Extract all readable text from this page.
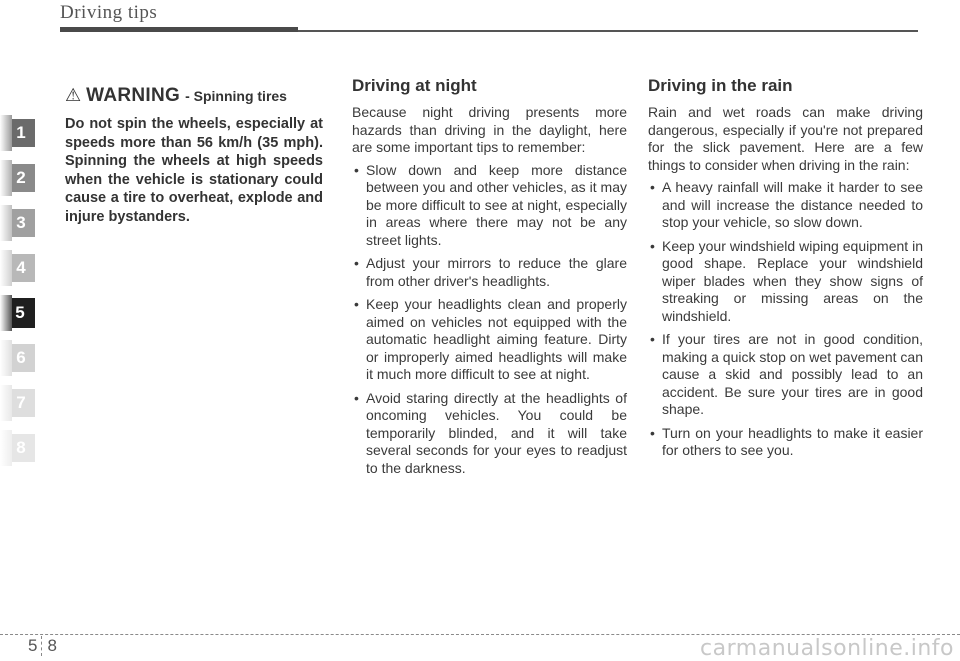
Driving tips
1
2
3
4
5
6
7
8
⚠ WARNING - Spinning tires
Do not spin the wheels, especially at speeds more than 56 km/h (35 mph). Spinning the wheels at high speeds when the vehicle is stationary could cause a tire to overheat, explode and injure bystanders.
Driving at night

Because night driving presents more hazards than driving in the daylight, here are some important tips to remember:

• Slow down and keep more distance between you and other vehicles, as it may be more difficult to see at night, especially in areas where there may not be any street lights.
• Adjust your mirrors to reduce the glare from other driver's headlights.
• Keep your headlights clean and properly aimed on vehicles not equipped with the automatic headlight aiming feature. Dirty or improperly aimed headlights will make it much more difficult to see at night.
• Avoid staring directly at the headlights of oncoming vehicles. You could be temporarily blinded, and it will take several seconds for your eyes to readjust to the darkness.
Driving in the rain

Rain and wet roads can make driving dangerous, especially if you're not prepared for the slick pavement. Here are a few things to consider when driving in the rain:

• A heavy rainfall will make it harder to see and will increase the distance needed to stop your vehicle, so slow down.
• Keep your windshield wiping equipment in good shape. Replace your windshield wiper blades when they show signs of streaking or missing areas on the windshield.
• If your tires are not in good condition, making a quick stop on wet pavement can cause a skid and possibly lead to an accident. Be sure your tires are in good shape.
• Turn on your headlights to make it easier for others to see you.
5 8	carmanualsonline.info
